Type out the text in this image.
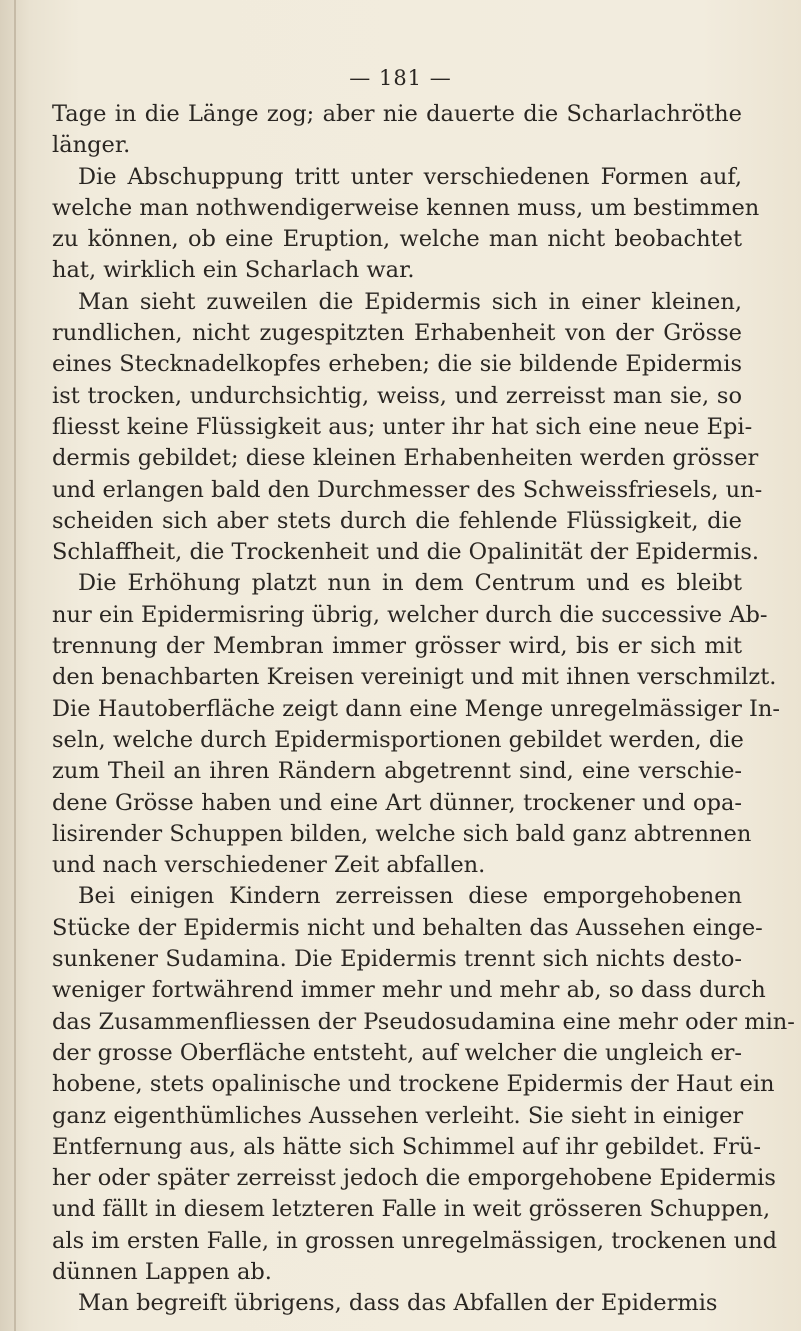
— 181 —
Tage in die Länge zog; aber nie dauerte die Scharlachröthe
länger.
Die Abschuppung tritt unter verschiedenen Formen auf,
welche man nothwendigerweise kennen muss, um bestimmen
zu können, ob eine Eruption, welche man nicht beobachtet
hat, wirklich ein Scharlach war.
Man sieht zuweilen die Epidermis sich in einer kleinen,
rundlichen, nicht zugespitzten Erhabenheit von der Grösse
eines Stecknadelkopfes erheben; die sie bildende Epidermis
ist trocken, undurchsichtig, weiss, und zerreisst man sie, so
fliesst keine Flüssigkeit aus; unter ihr hat sich eine neue Epi-
dermis gebildet; diese kleinen Erhabenheiten werden grösser
und erlangen bald den Durchmesser des Schweissfriesels, un-
scheiden sich aber stets durch die fehlende Flüssigkeit, die
Schlaffheit, die Trockenheit und die Opalinität der Epidermis.
Die Erhöhung platzt nun in dem Centrum und es bleibt
nur ein Epidermisring übrig, welcher durch die successive Ab-
trennung der Membran immer grösser wird, bis er sich mit
den benachbarten Kreisen vereinigt und mit ihnen verschmilzt.
Die Hautoberfläche zeigt dann eine Menge unregelmässiger In-
seln, welche durch Epidermisportionen gebildet werden, die
zum Theil an ihren Rändern abgetrennt sind, eine verschie-
dene Grösse haben und eine Art dünner, trockener und opa-
lisirender Schuppen bilden, welche sich bald ganz abtrennen
und nach verschiedener Zeit abfallen.
Bei einigen Kindern zerreissen diese emporgehobenen
Stücke der Epidermis nicht und behalten das Aussehen einge-
sunkener Sudamina. Die Epidermis trennt sich nichts desto-
weniger fortwährend immer mehr und mehr ab, so dass durch
das Zusammenfliessen der Pseudosudamina eine mehr oder min-
der grosse Oberfläche entsteht, auf welcher die ungleich er-
hobene, stets opalinische und trockene Epidermis der Haut ein
ganz eigenthümliches Aussehen verleiht. Sie sieht in einiger
Entfernung aus, als hätte sich Schimmel auf ihr gebildet. Frü-
her oder später zerreisst jedoch die emporgehobene Epidermis
und fällt in diesem letzteren Falle in weit grösseren Schuppen,
als im ersten Falle, in grossen unregelmässigen, trockenen und
dünnen Lappen ab.
Man begreift übrigens, dass das Abfallen der Epidermis
